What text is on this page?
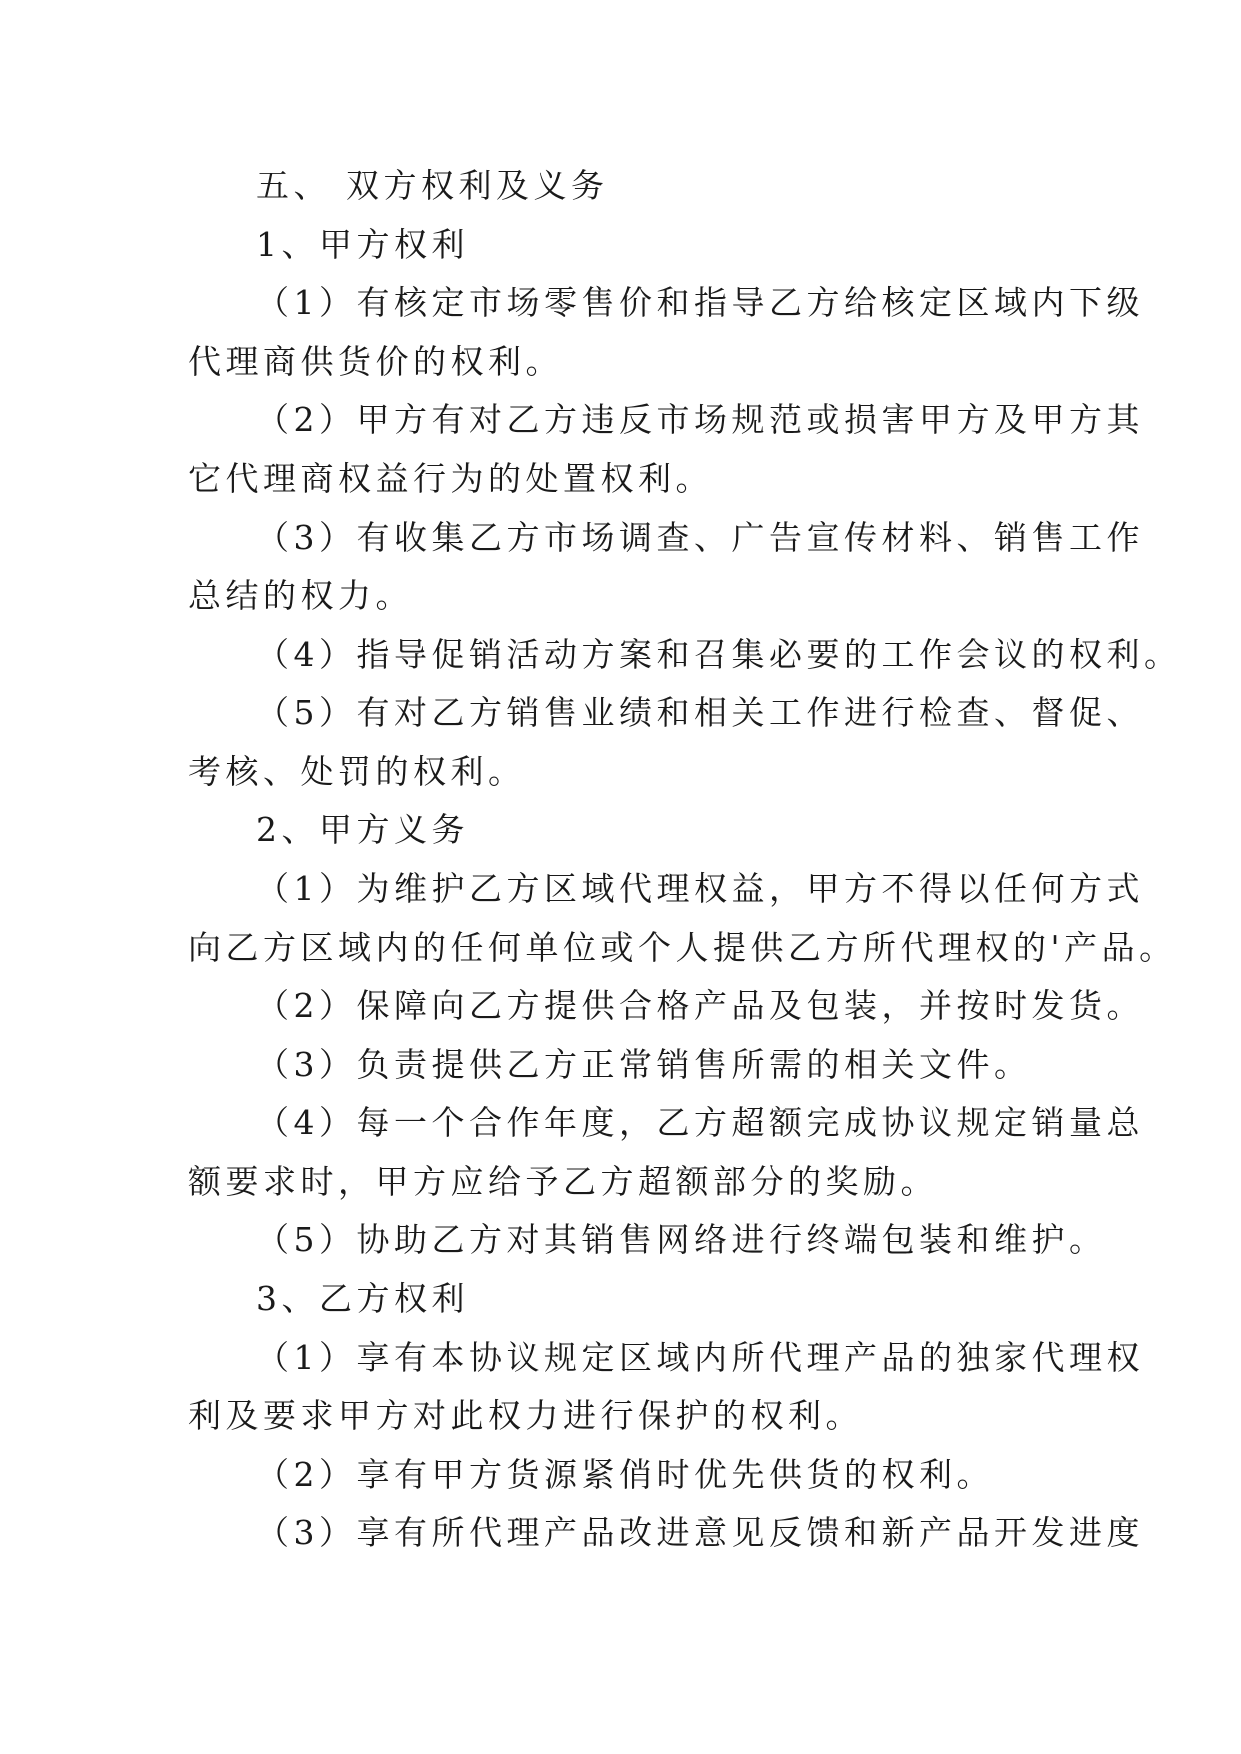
五、 双方权利及义务

1、甲方权利

（1）有核定市场零售价和指导乙方给核定区域内下级

代理商供货价的权利。

（2）甲方有对乙方违反市场规范或损害甲方及甲方其

它代理商权益行为的处置权利。

（3）有收集乙方市场调查、广告宣传材料、销售工作

总结的权力。

（4）指导促销活动方案和召集必要的工作会议的权利。

（5）有对乙方销售业绩和相关工作进行检查、督促、

考核、处罚的权利。

2、甲方义务

（1）为维护乙方区域代理权益，甲方不得以任何方式

向乙方区域内的任何单位或个人提供乙方所代理权的'产品。

（2）保障向乙方提供合格产品及包装，并按时发货。

（3）负责提供乙方正常销售所需的相关文件。

（4）每一个合作年度，乙方超额完成协议规定销量总

额要求时，甲方应给予乙方超额部分的奖励。

（5）协助乙方对其销售网络进行终端包装和维护。

3、乙方权利

（1）享有本协议规定区域内所代理产品的独家代理权

利及要求甲方对此权力进行保护的权利。

（2）享有甲方货源紧俏时优先供货的权利。

（3）享有所代理产品改进意见反馈和新产品开发进度
